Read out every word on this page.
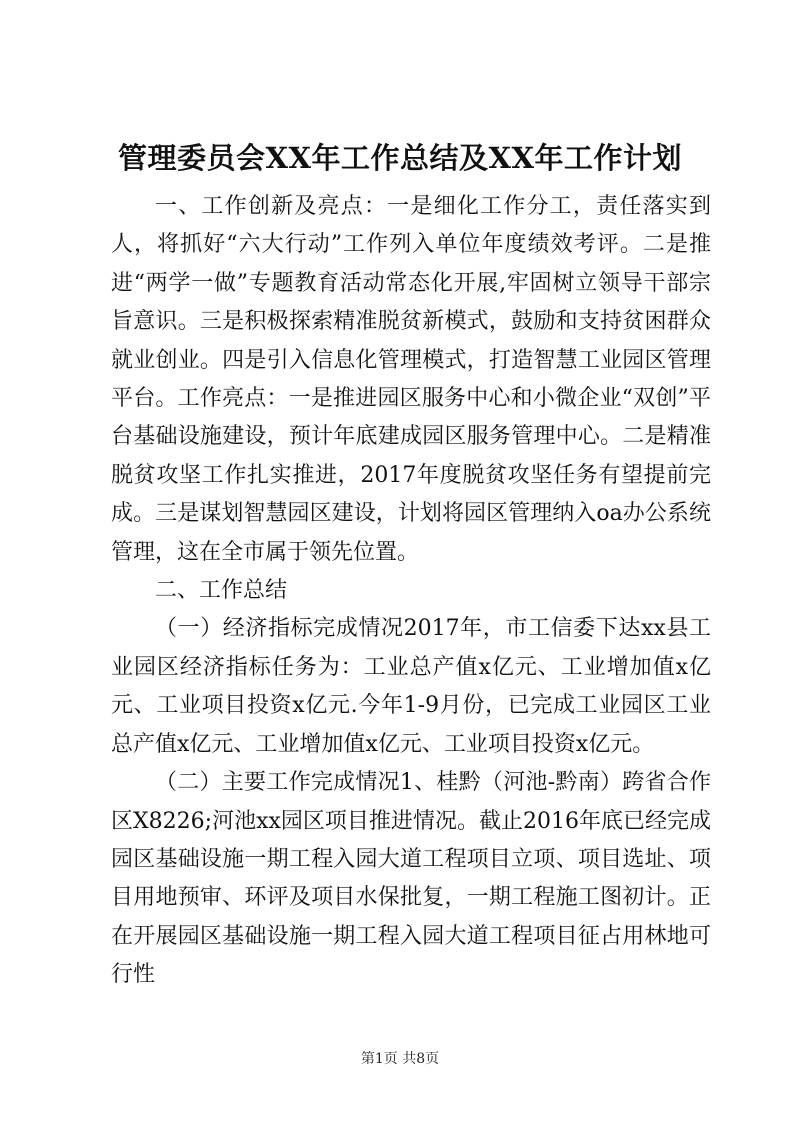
管理委员会XX年工作总结及XX年工作计划

一、工作创新及亮点：一是细化工作分工，责任落实到人，将抓好“六大行动”工作列入单位年度绩效考评。二是推进“两学一做”专题教育活动常态化开展,牢固树立领导干部宗旨意识。三是积极探索精准脱贫新模式，鼓励和支持贫困群众就业创业。四是引入信息化管理模式，打造智慧工业园区管理平台。工作亮点：一是推进园区服务中心和小微企业“双创”平台基础设施建设，预计年底建成园区服务管理中心。二是精准脱贫攻坚工作扎实推进，2017年度脱贫攻坚任务有望提前完成。三是谋划智慧园区建设，计划将园区管理纳入oa办公系统管理，这在全市属于领先位置。

二、工作总结

（一）经济指标完成情况2017年，市工信委下达xx县工业园区经济指标任务为：工业总产值x亿元、工业增加值x亿元、工业项目投资x亿元.今年1-9月份，已完成工业园区工业总产值x亿元、工业增加值x亿元、工业项目投资x亿元。

（二）主要工作完成情况1、桂黔（河池-黔南）跨省合作区X8226;河池xx园区项目推进情况。截止2016年底已经完成园区基础设施一期工程入园大道工程项目立项、项目选址、项目用地预审、环评及项目水保批复，一期工程施工图初计。正在开展园区基础设施一期工程入园大道工程项目征占用林地可行性

第1页 共8页
